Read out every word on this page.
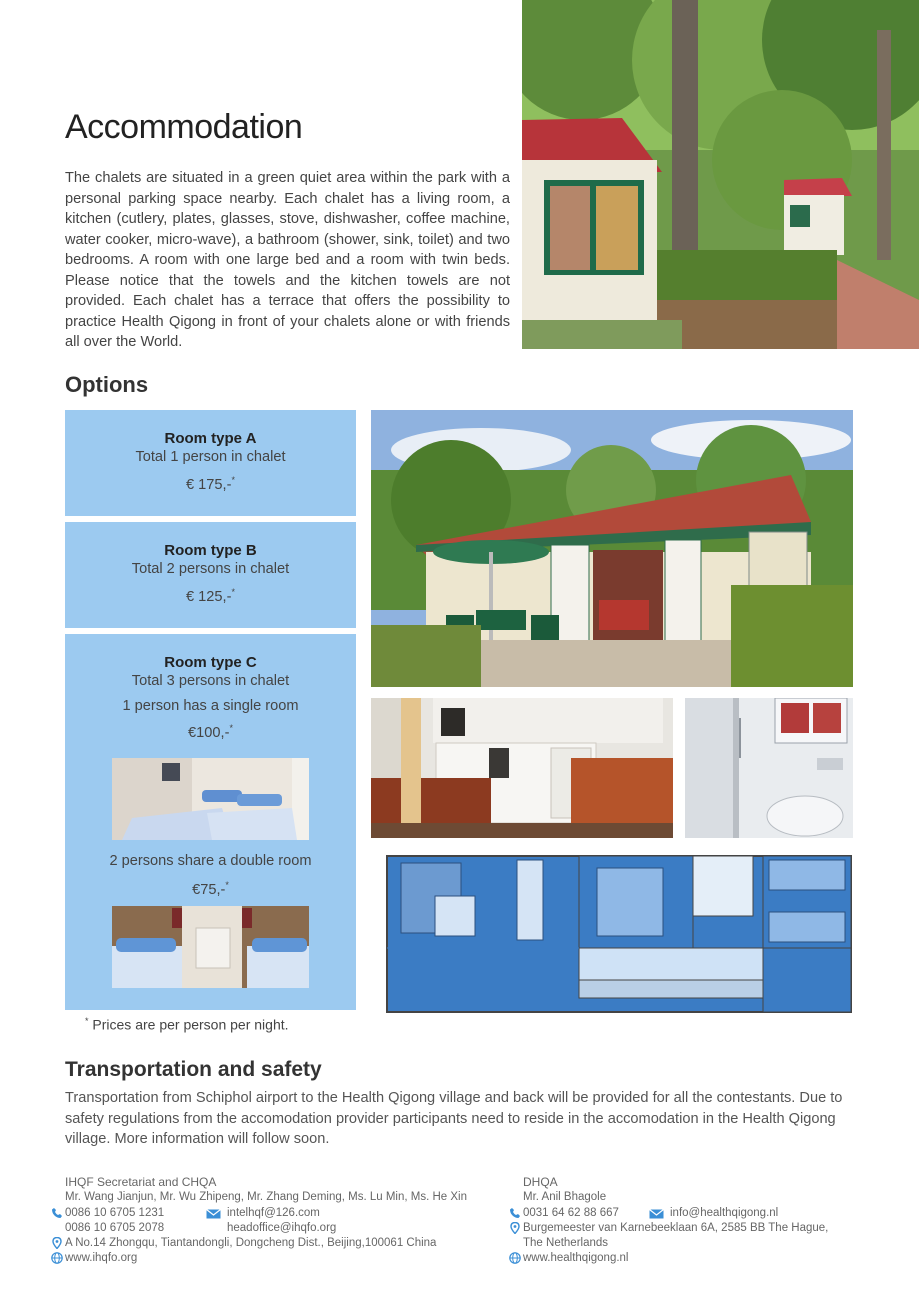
Accommodation

The chalets are situated in a green quiet area within the park with a personal parking space nearby. Each chalet has a living room, a kitchen (cutlery, plates, glasses, stove, dishwasher, coffee machine, water cooker, micro-wave), a bathroom (shower, sink, toilet) and two bedrooms. A room with one large bed and a room with twin beds. Please notice that the towels and the kitchen towels are not provided. Each chalet has a terrace that offers the possibility to practice Health Qigong in front of your chalets alone or with friends all over the World.

Options
Room type A
Total 1 person in chalet
€ 175,-*
Room type B
Total 2 persons in chalet
€ 125,-*
Room type C
Total 3 persons in chalet
1 person has a single room
€100,-*
2 persons share a double room
€75,-*
* Prices are per person per night.
Transportation and safety

Transportation from Schiphol airport to the Health Qigong village and back will be provided for all the contestants. Due to safety regulations from the accomodation provider participants need to reside in the accomodation in the Health Qigong village. More information will follow soon.

IHQF Secretariat and CHQA
Mr. Wang Jianjun, Mr. Wu Zhipeng, Mr. Zhang Deming, Ms. Lu Min, Ms. He Xin
0086 10 6705 1231
0086 10 6705 2078
intelhqf@126.com
headoffice@ihqfo.org
A No.14 Zhongqu, Tiantandongli, Dongcheng Dist., Beijing,100061 China
www.ihqfo.org
DHQA
Mr. Anil Bhagole
0031 64 62 88 667	info@healthqigong.nl
Burgemeester van Karnebeeklaan 6A, 2585 BB The Hague,
The Netherlands
www.healthqigong.nl
